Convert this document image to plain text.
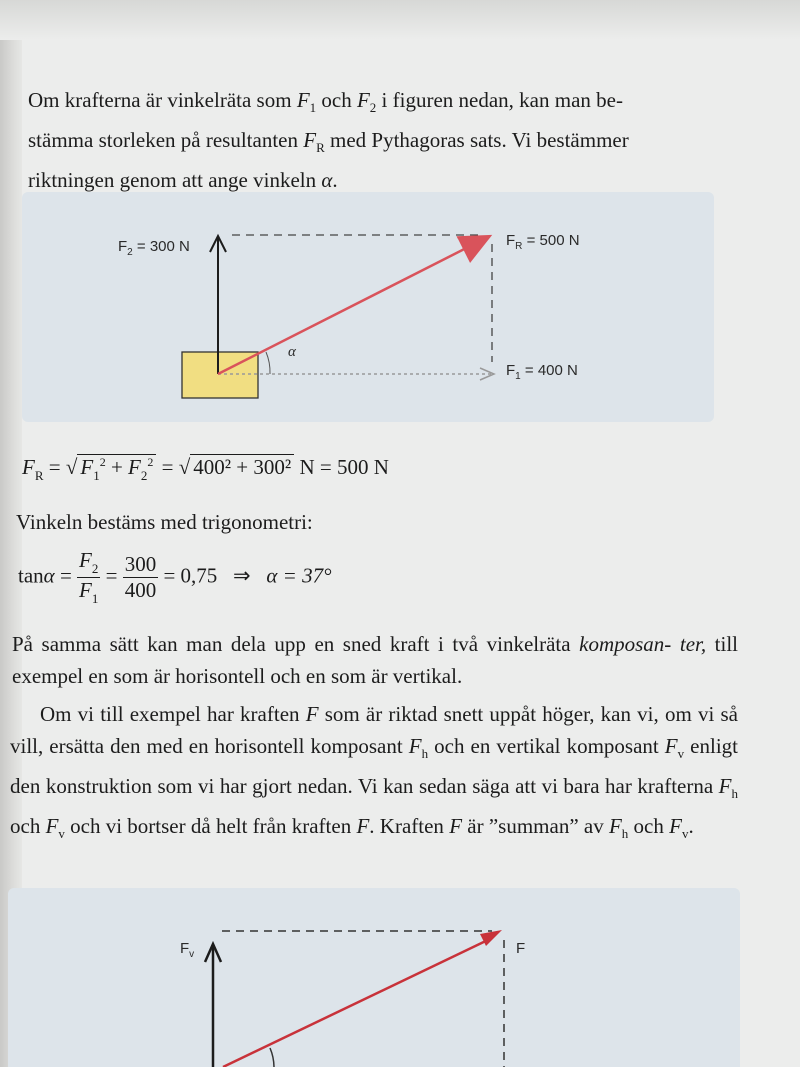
Om krafterna är vinkelräta som $F_1$ och $F_2$ i figuren nedan, kan man be-
stämma storleken på resultanten $F_R$ med Pythagoras sats. Vi bestämmer
riktningen genom att ange vinkeln α.
$F_2 = 300$ N	$F_R = 500$ N
$F_1 = 400$ N
α
$F_R$ = √ $F_1^2 + F_2^2$ = √ 400² + 300² N = 500 N
Vinkeln bestäms med trigonometri:
$\tan\alpha = \frac{F_2}{F_1} = \frac{300}{400} = 0,75$ ⇒ α = 37°
På samma sätt kan man dela upp en sned kraft i två vinkelräta komposan- ter, till exempel en som är horisontell och en som är vertikal.
Om vi till exempel har kraften F som är riktad snett uppåt höger, kan vi, om vi så vill, ersätta den med en horisontell komposant $F_h$ och en vertikal komposant $F_v$ enligt den konstruktion som vi har gjort nedan. Vi kan sedan säga att vi bara har krafterna $F_h$ och $F_v$ och vi bortser då helt från kraften F. Kraften F är ”summan” av $F_h$ och $F_v$.
$F_v$	F
